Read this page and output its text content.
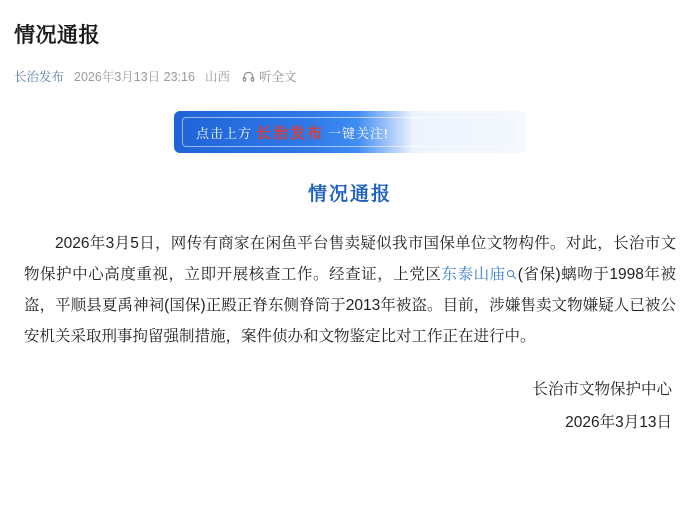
情况通报
长治发布 2026年3月13日 23:16 山西 听全文
点击上方 长治发布 一键关注!
情况通报
2026年3月5日，网传有商家在闲鱼平台售卖疑似我市国保单位文物构件。对此，长治市文物保护中心高度重视，立即开展核查工作。经查证，上党区东泰山庙 (省保)螭吻于1998年被盗，平顺县夏禹神祠(国保)正殿正脊东侧脊筒于2013年被盗。目前，涉嫌售卖文物嫌疑人已被公安机关采取刑事拘留强制措施，案件侦办和文物鉴定比对工作正在进行中。
长治市文物保护中心
2026年3月13日
